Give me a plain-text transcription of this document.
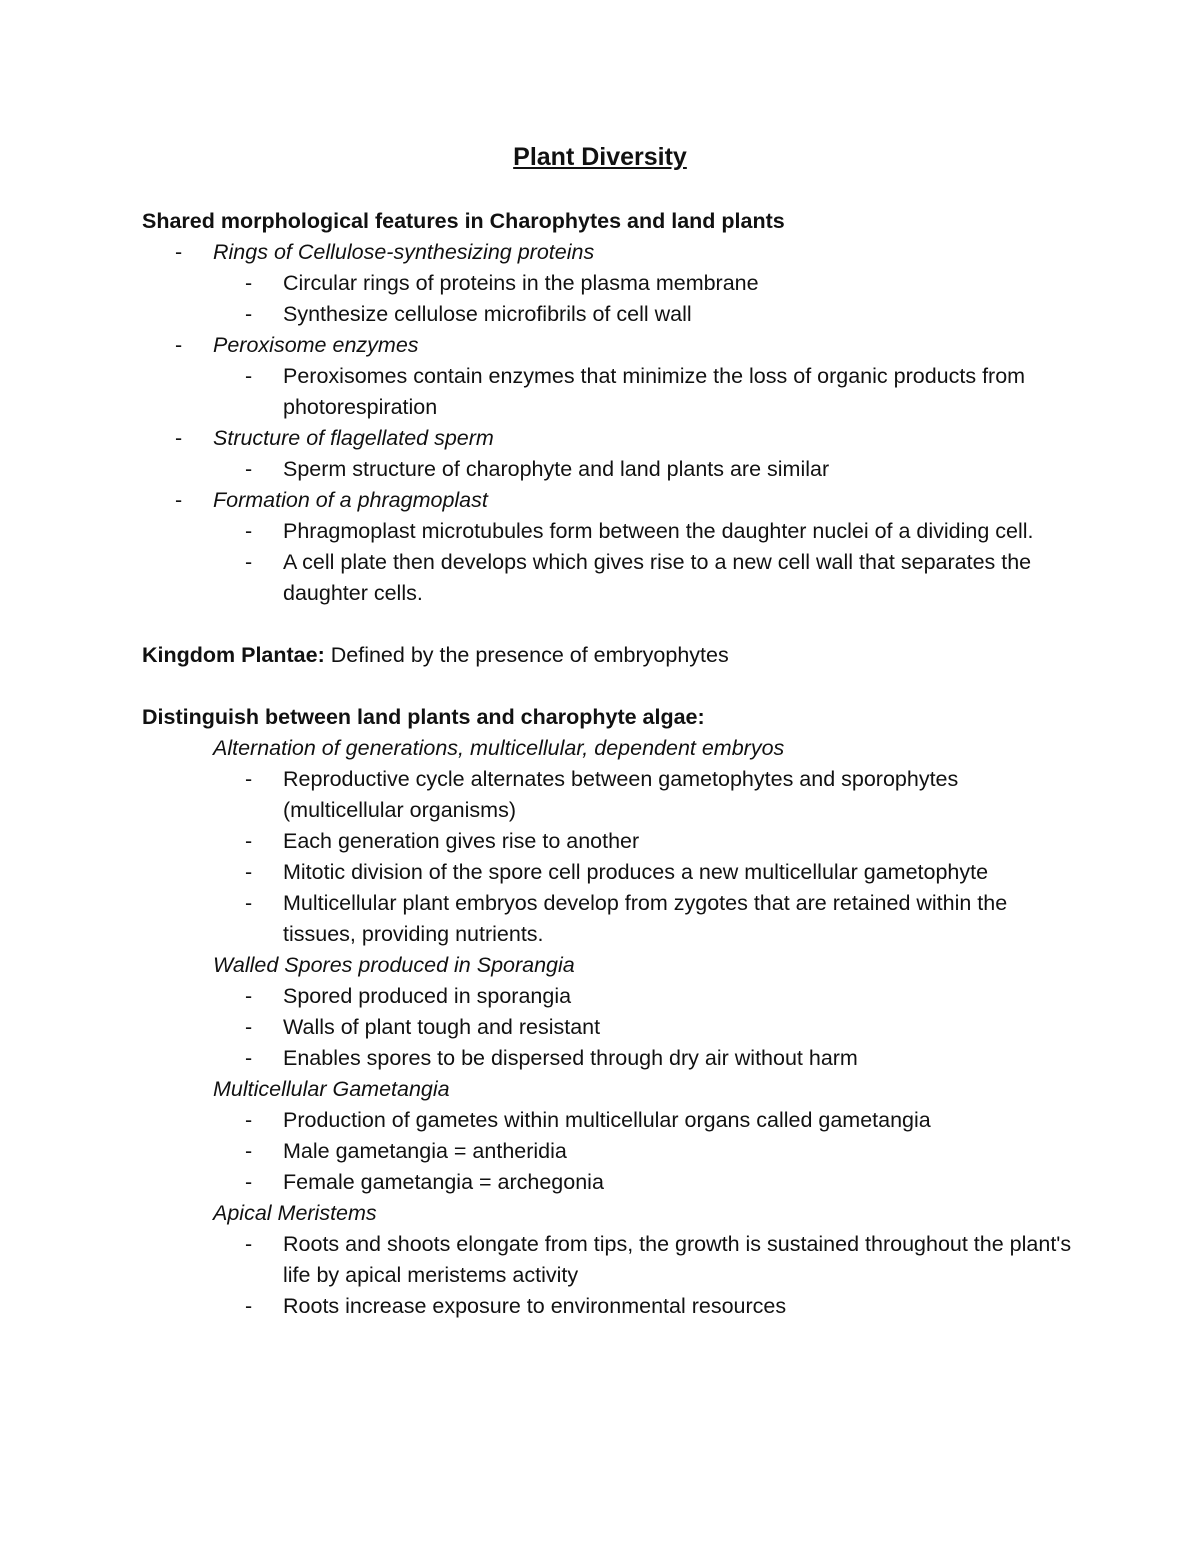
Plant Diversity
Shared morphological features in Charophytes and land plants
- Rings of Cellulose-synthesizing proteins
- Circular rings of proteins in the plasma membrane
- Synthesize cellulose microfibrils of cell wall
- Peroxisome enzymes
- Peroxisomes contain enzymes that minimize the loss of organic products from photorespiration
- Structure of flagellated sperm
- Sperm structure of charophyte and land plants are similar
- Formation of a phragmoplast
- Phragmoplast microtubules form between the daughter nuclei of a dividing cell.
- A cell plate then develops which gives rise to a new cell wall that separates the daughter cells.
Kingdom Plantae: Defined by the presence of embryophytes
Distinguish between land plants and charophyte algae:
Alternation of generations, multicellular, dependent embryos
- Reproductive cycle alternates between gametophytes and sporophytes (multicellular organisms)
- Each generation gives rise to another
- Mitotic division of the spore cell produces a new multicellular gametophyte
- Multicellular plant embryos develop from zygotes that are retained within the tissues, providing nutrients.
Walled Spores produced in Sporangia
- Spored produced in sporangia
- Walls of plant tough and resistant
- Enables spores to be dispersed through dry air without harm
Multicellular Gametangia
- Production of gametes within multicellular organs called gametangia
- Male gametangia = antheridia
- Female gametangia = archegonia
Apical Meristems
- Roots and shoots elongate from tips, the growth is sustained throughout the plant's life by apical meristems activity
- Roots increase exposure to environmental resources
